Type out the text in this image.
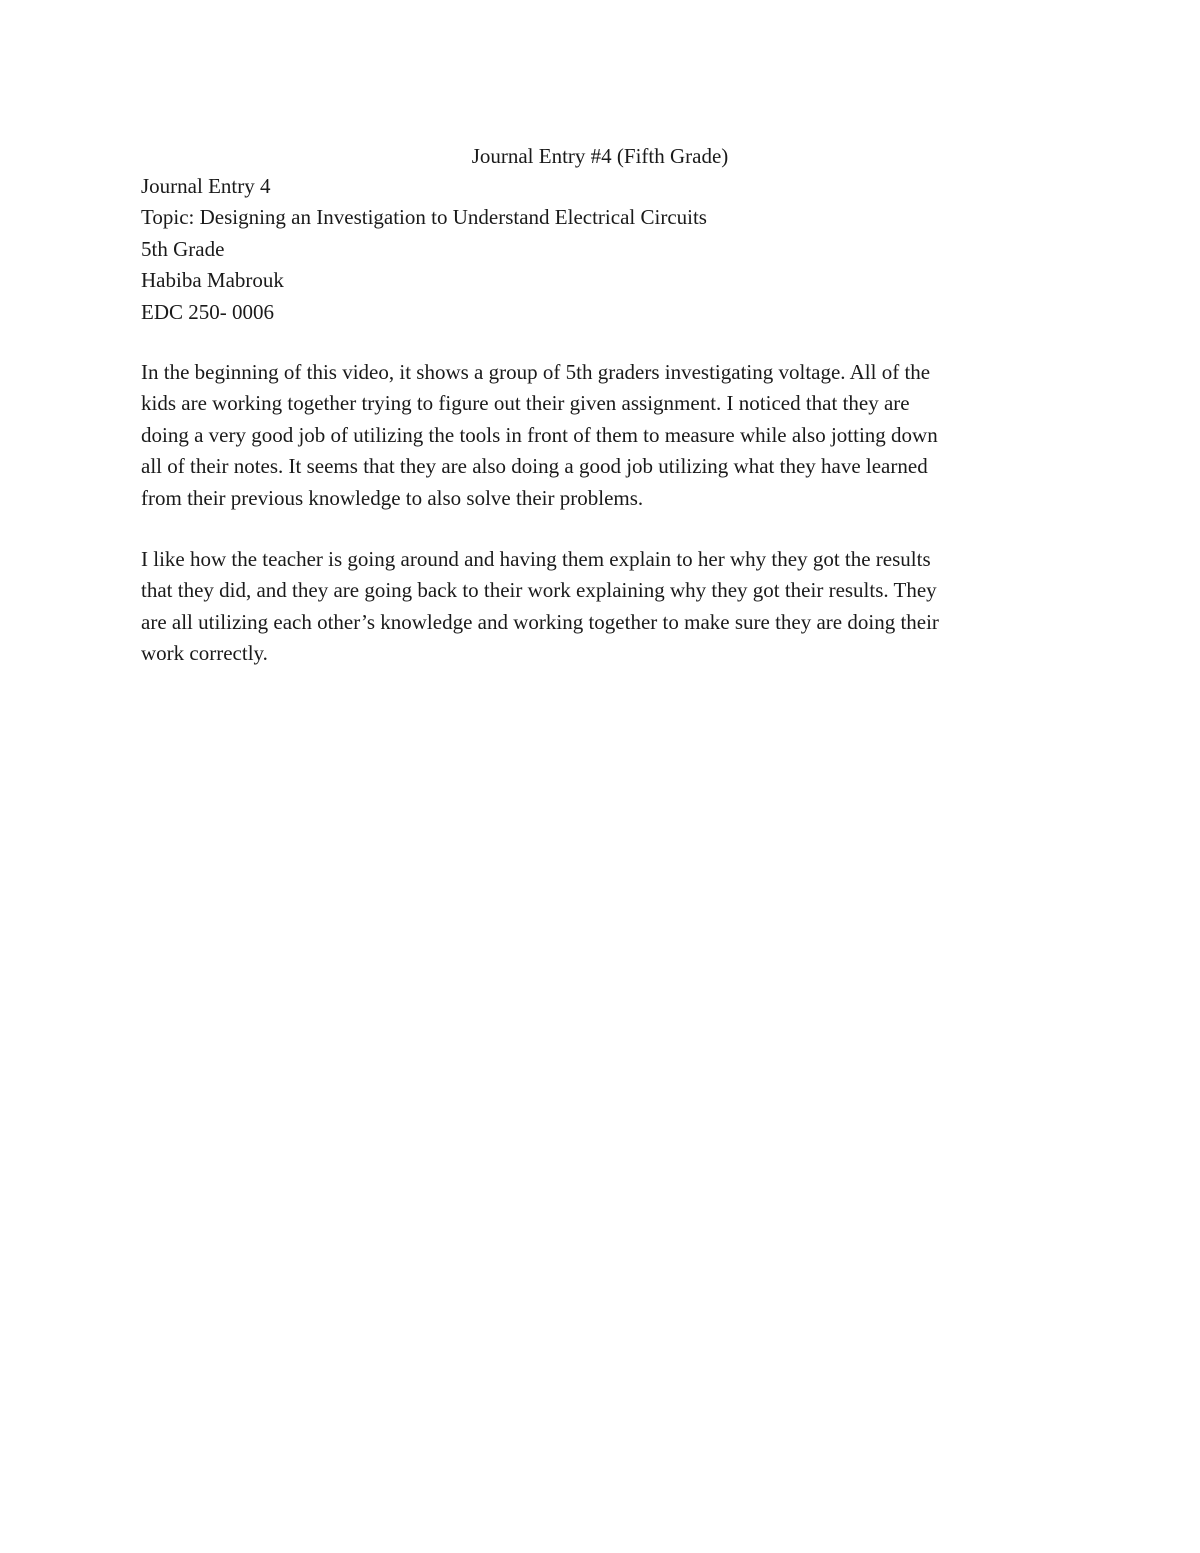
Journal Entry #4 (Fifth Grade)
Journal Entry 4
Topic: Designing an Investigation to Understand Electrical Circuits
5th Grade
Habiba Mabrouk
EDC 250- 0006

In the beginning of this video, it shows a group of 5th graders investigating voltage. All of the
kids are working together trying to figure out their given assignment. I noticed that they are
doing a very good job of utilizing the tools in front of them to measure while also jotting down
all of their notes. It seems that they are also doing a good job utilizing what they have learned
from their previous knowledge to also solve their problems.

I like how the teacher is going around and having them explain to her why they got the results
that they did, and they are going back to their work explaining why they got their results. They
are all utilizing each other’s knowledge and working together to make sure they are doing their
work correctly.
